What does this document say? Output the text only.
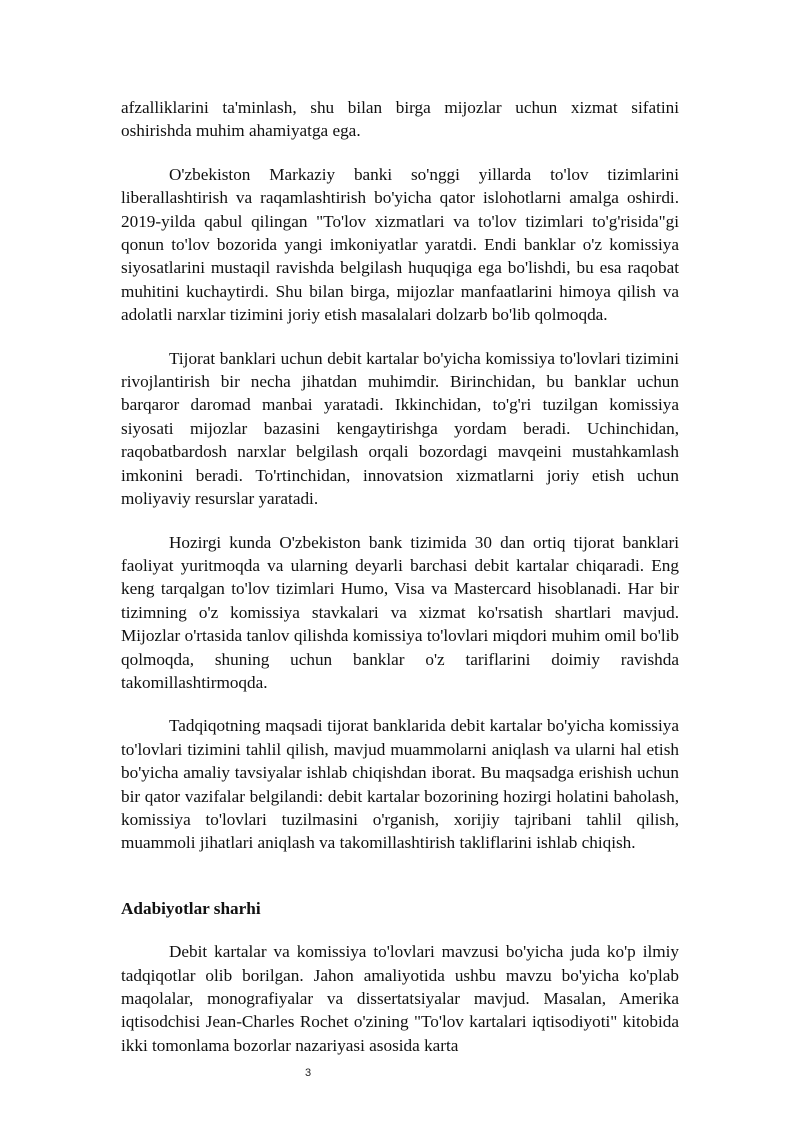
afzalliklarini ta'minlash, shu bilan birga mijozlar uchun xizmat sifatini oshirishda muhim ahamiyatga ega.

O'zbekiston Markaziy banki so'nggi yillarda to'lov tizimlarini liberallashtirish va raqamlashtirish bo'yicha qator islohotlarni amalga oshirdi. 2019-yilda qabul qilingan "To'lov xizmatlari va to'lov tizimlari to'g'risida"gi qonun to'lov bozorida yangi imkoniyatlar yaratdi. Endi banklar o'z komissiya siyosatlarini mustaqil ravishda belgilash huquqiga ega bo'lishdi, bu esa raqobat muhitini kuchaytirdi. Shu bilan birga, mijozlar manfaatlarini himoya qilish va adolatli narxlar tizimini joriy etish masalalari dolzarb bo'lib qolmoqda.

Tijorat banklari uchun debit kartalar bo'yicha komissiya to'lovlari tizimini rivojlantirish bir necha jihatdan muhimdir. Birinchidan, bu banklar uchun barqaror daromad manbai yaratadi. Ikkinchidan, to'g'ri tuzilgan komissiya siyosati mijozlar bazasini kengaytirishga yordam beradi. Uchinchidan, raqobatbardosh narxlar belgilash orqali bozordagi mavqeini mustahkamlash imkonini beradi. To'rtinchidan, innovatsion xizmatlarni joriy etish uchun moliyaviy resurslar yaratadi.

Hozirgi kunda O'zbekiston bank tizimida 30 dan ortiq tijorat banklari faoliyat yuritmoqda va ularning deyarli barchasi debit kartalar chiqaradi. Eng keng tarqalgan to'lov tizimlari Humo, Visa va Mastercard hisoblanadi. Har bir tizimning o'z komissiya stavkalari va xizmat ko'rsatish shartlari mavjud. Mijozlar o'rtasida tanlov qilishda komissiya to'lovlari miqdori muhim omil bo'lib qolmoqda, shuning uchun banklar o'z tariflarini doimiy ravishda takomillashtirmoqda.

Tadqiqotning maqsadi tijorat banklarida debit kartalar bo'yicha komissiya to'lovlari tizimini tahlil qilish, mavjud muammolarni aniqlash va ularni hal etish bo'yicha amaliy tavsiyalar ishlab chiqishdan iborat. Bu maqsadga erishish uchun bir qator vazifalar belgilandi: debit kartalar bozorining hozirgi holatini baholash, komissiya to'lovlari tuzilmasini o'rganish, xorijiy tajribani tahlil qilish, muammoli jihatlari aniqlash va takomillashtirish takliflarini ishlab chiqish.

Adabiyotlar sharhi

Debit kartalar va komissiya to'lovlari mavzusi bo'yicha juda ko'p ilmiy tadqiqotlar olib borilgan. Jahon amaliyotida ushbu mavzu bo'yicha ko'plab maqolalar, monografiyalar va dissertatsiyalar mavjud. Masalan, Amerika iqtisodchisi Jean-Charles Rochet o'zining "To'lov kartalari iqtisodiyoti" kitobida ikki tomonlama bozorlar nazariyasi asosida karta

3
